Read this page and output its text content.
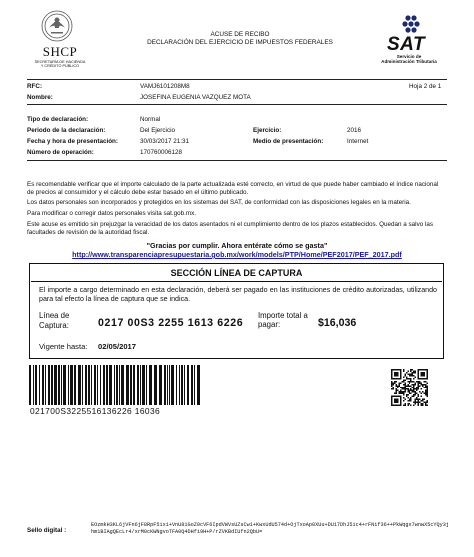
SHCP
SECRETARÍA DE HACIENDA
Y CRÉDITO PÚBLICO
ACUSE DE RECIBO
DECLARACIÓN DEL EJERCICIO DE IMPUESTOS FEDERALES	SAT
Servicio de
Administración Tributaria
RFC:	VAMJ6101208M8	Hoja 2 de 1
Nombre:	JOSEFINA EUGENIA VAZQUEZ MOTA
Tipo de declaración:	Normal
Periodo de la declaración:	Del Ejercicio	Ejercicio:	2016
Fecha y hora de presentación:	30/03/2017 21:31	Medio de presentación:	Internet
Número de operación:	170760006128
Es recomendable verificar que el importe calculado de la parte actualizada esté correcto, en virtud de que puede haber cambiado el índice nacional de precios al consumidor y el cálculo debe estar basado en el último publicado.
Los datos personales son incorporados y protegidos en los sistemas del SAT, de conformidad con las disposiciones legales en la materia.
Para modificar o corregir datos personales visita sat.gob.mx.
Este acuse es emitido sin prejuzgar la veracidad de los datos asentados ni el cumplimiento dentro de los plazos establecidos. Quedan a salvo las facultades de revisión de la autoridad fiscal.
"Gracias por cumplir. Ahora entérate cómo se gasta"
http://www.transparenciapresupuestaria.gob.mx/work/models/PTP/Home/PEF2017/PEF_2017.pdf
SECCIÓN LÍNEA DE CAPTURA
El importe a cargo determinado en esta declaración, deberá ser pagado en las instituciones de crédito autorizadas, utilizando para tal efecto la línea de captura que se indica.
Línea de Captura:	0217 00S3 2255 1613 6226
Importe total a pagar:	$16,036
Vigente hasta: 02/05/2017
021700S3225516136226 16036
Sello digital :
EOzmkH3KL6jVFn6jF8RpF5ix1+VnU81GoZ9cVF6IpdVWVsUZsCw1+KwxUdU574d+OjTxoAp0XUu+DU17DhJ5ic4+rFNif36++PkWqgx7wnwX5cYQy3jhm1BIAgQEcLr4/xrM0cKWNgvoTFA0Q4DHfi9H+P/rZVKBdIUfn2QbU=
